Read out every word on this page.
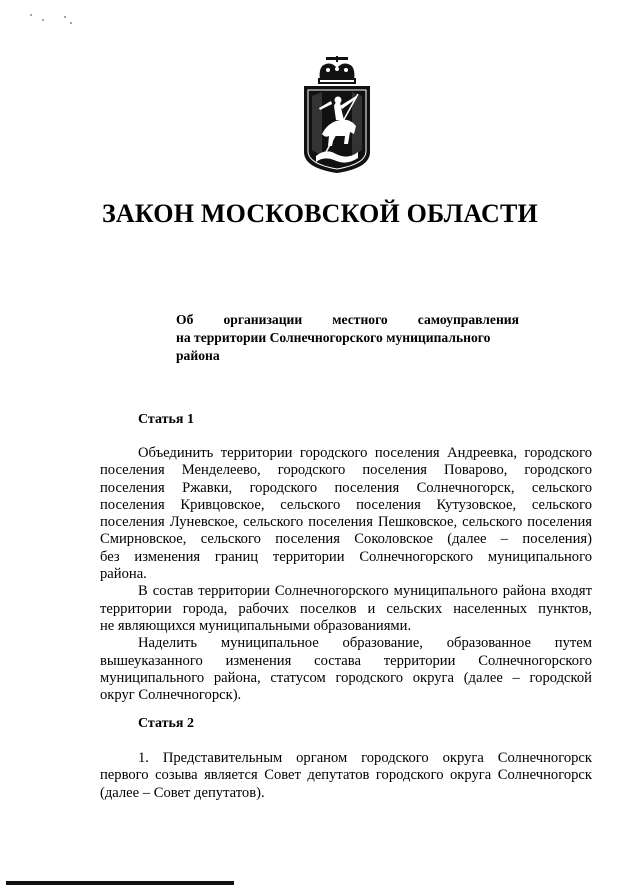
ЗАКОН МОСКОВСКОЙ ОБЛАСТИ
Об организации местного самоуправления
на территории Солнечногорского муниципального
района
Статья 1
Объединить территории городского поселения Андреевка, городского
поселения Менделеево, городского поселения Поварово, городского
поселения Ржавки, городского поселения Солнечногорск, сельского
поселения Кривцовское, сельского поселения Кутузовское, сельского
поселения Луневское, сельского поселения Пешковское, сельского поселения
Смирновское, сельского поселения Соколовское (далее – поселения)
без изменения границ территории Солнечногорского муниципального
района.
В состав территории Солнечногорского муниципального района входят
территории города, рабочих поселков и сельских населенных пунктов,
не являющихся муниципальными образованиями.
Наделить муниципальное образование, образованное путем
вышеуказанного изменения состава территории Солнечногорского
муниципального района, статусом городского округа (далее – городской
округ Солнечногорск).
Статья 2
1. Представительным органом городского округа Солнечногорск
первого созыва является Совет депутатов городского округа Солнечногорск
(далее – Совет депутатов).
